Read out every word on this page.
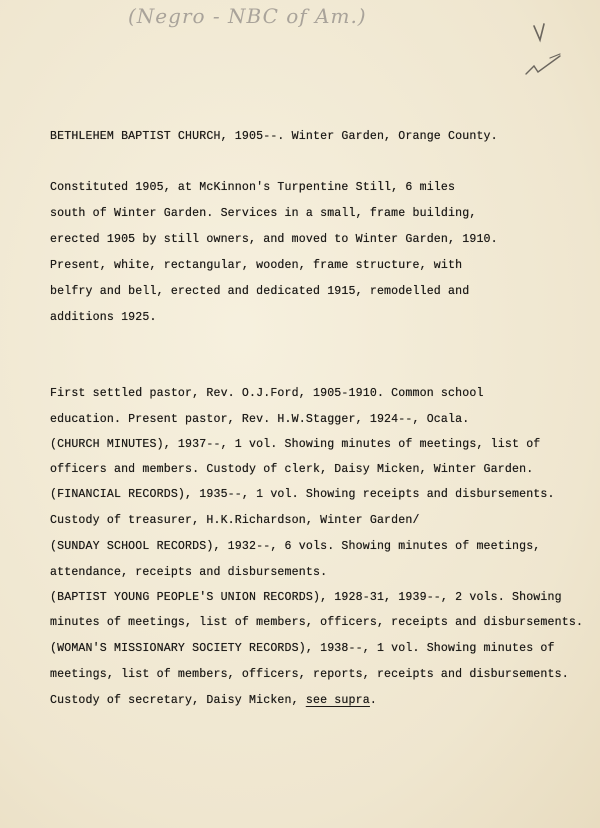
(Negro - NBC of Am.)
BETHLEHEM BAPTIST CHURCH, 1905--. Winter Garden, Orange County.
Constituted 1905, at McKinnon's Turpentine Still, 6 miles
south of Winter Garden. Services in a small, frame building,
erected 1905 by still owners, and moved to Winter Garden, 1910.
Present, white, rectangular, wooden, frame structure, with
belfry and bell, erected and dedicated 1915, remodelled and
additions 1925.
First settled pastor, Rev. O.J.Ford, 1905-1910. Common school
education. Present pastor, Rev. H.W.Stagger, 1924--, Ocala.
(CHURCH MINUTES), 1937--, 1 vol. Showing minutes of meetings, list of
officers and members. Custody of clerk, Daisy Micken, Winter Garden.
(FINANCIAL RECORDS), 1935--, 1 vol. Showing receipts and disbursements.
Custody of treasurer, H.K.Richardson, Winter Garden/
(SUNDAY SCHOOL RECORDS), 1932--, 6 vols. Showing minutes of meetings,
attendance, receipts and disbursements.
(BAPTIST YOUNG PEOPLE'S UNION RECORDS), 1928-31, 1939--, 2 vols. Showing
minutes of meetings, list of members, officers, receipts and disbursements.
(WOMAN'S MISSIONARY SOCIETY RECORDS), 1938--, 1 vol. Showing minutes of
meetings, list of members, officers, reports, receipts and disbursements.
Custody of secretary, Daisy Micken, see supra.
